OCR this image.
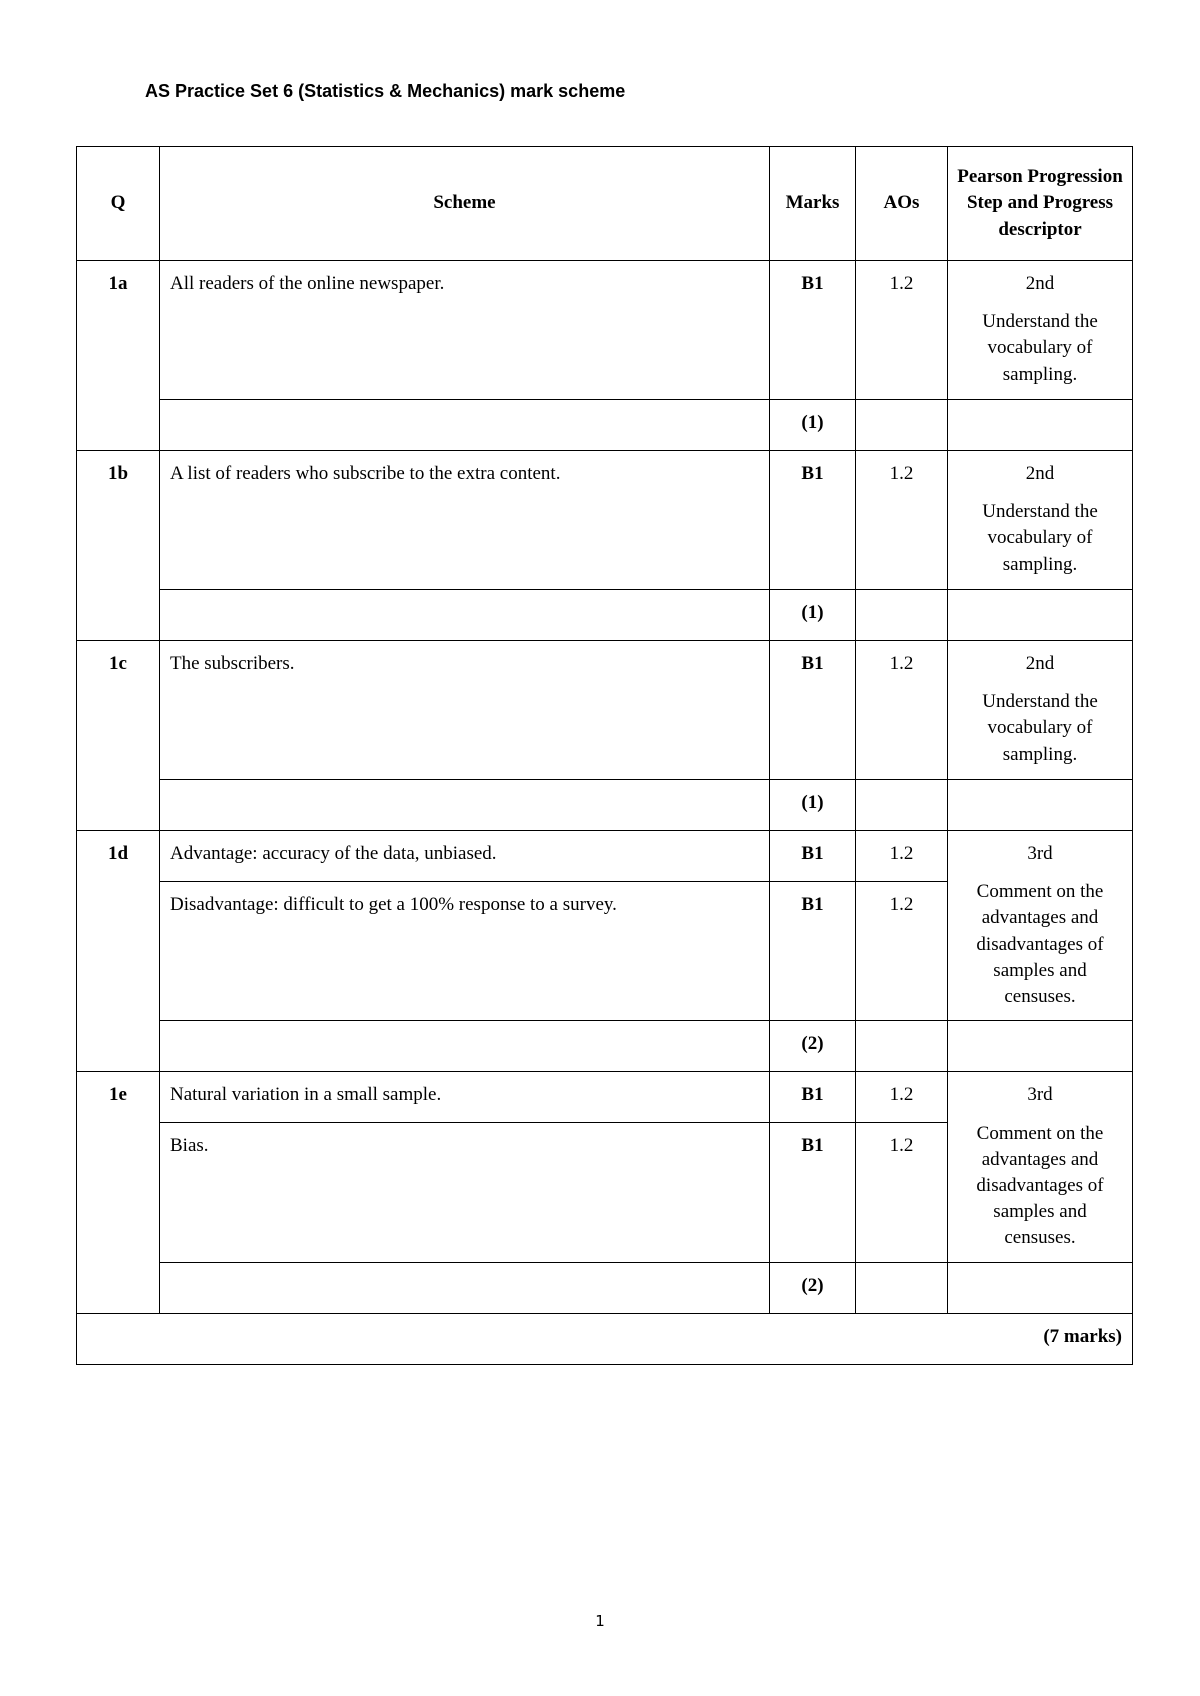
AS Practice Set 6 (Statistics & Mechanics) mark scheme
Q	Scheme	Marks	AOs	Pearson Progression Step and Progress descriptor
1a	All readers of the online newspaper.	B1	1.2	2nd
Understand the vocabulary of sampling.

		(1)		
1b	A list of readers who subscribe to the extra content.	B1	1.2	2nd
Understand the vocabulary of sampling.

		(1)		
1c	The subscribers.	B1	1.2	2nd
Understand the vocabulary of sampling.

		(1)		
1d	Advantage: accuracy of the data, unbiased.	B1	1.2	3rd
Comment on the advantages and disadvantages of samples and censuses.

	Disadvantage: difficult to get a 100% response to a survey.	B1	1.2	
		(2)		
1e	Natural variation in a small sample.	B1	1.2	3rd
Comment on the advantages and disadvantages of samples and censuses.

	Bias.	B1	1.2	
		(2)		
(7 marks)				
1
